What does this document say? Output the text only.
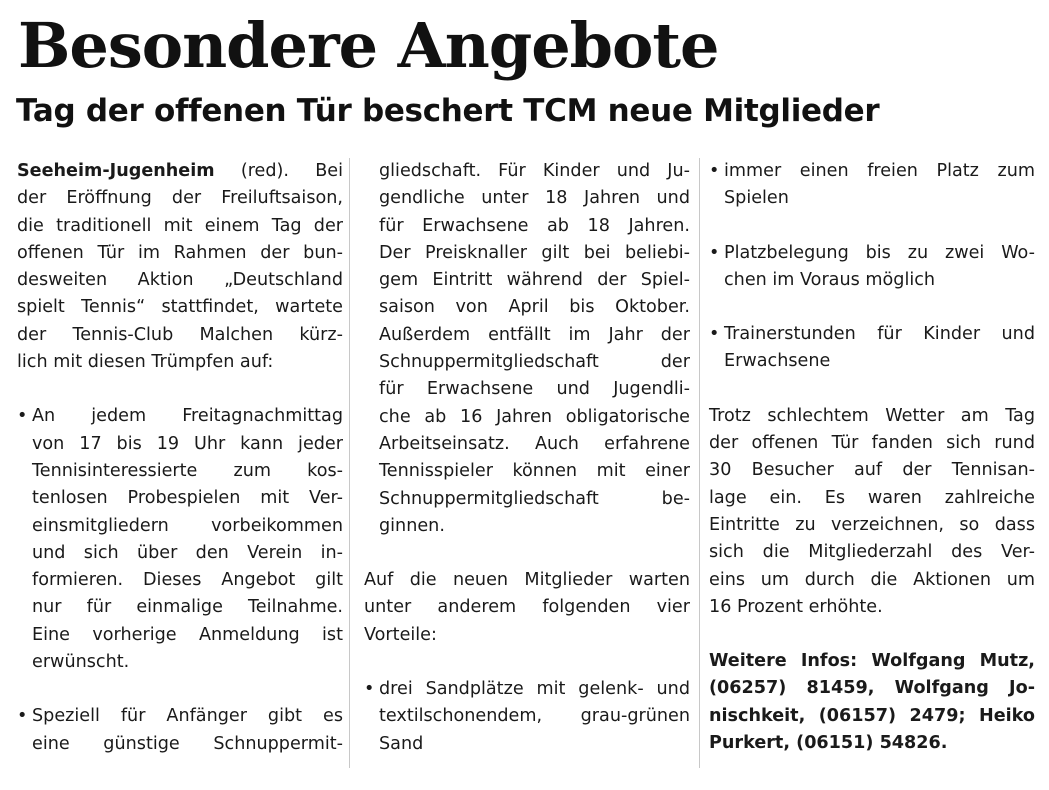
Besondere Angebote
Tag der offenen Tür beschert TCM neue Mitglieder

Seeheim-Jugenheim (red). Bei

der Eröffnung der Freiluftsaison,

die traditionell mit einem Tag der

offenen Tür im Rahmen der bun-

desweiten Aktion „Deutschland

spielt Tennis“ stattfindet, wartete

der Tennis-Club Malchen kürz-

lich mit diesen Trümpfen auf:

• An jedem Freitagnachmittag

von 17 bis 19 Uhr kann jeder

Tennisinteressierte zum kos-

tenlosen Probespielen mit Ver-

einsmitgliedern vorbeikommen

und sich über den Verein in-

formieren. Dieses Angebot gilt

nur für einmalige Teilnahme.

Eine vorherige Anmeldung ist

erwünscht.

• Speziell für Anfänger gibt es

eine günstige Schnuppermit-

gliedschaft. Für Kinder und Ju-

gendliche unter 18 Jahren und

für Erwachsene ab 18 Jahren.

Der Preisknaller gilt bei beliebi-

gem Eintritt während der Spiel-

saison von April bis Oktober.

Außerdem entfällt im Jahr der

Schnuppermitgliedschaft der

für Erwachsene und Jugendli-

che ab 16 Jahren obligatorische

Arbeitseinsatz. Auch erfahrene

Tennisspieler können mit einer

Schnuppermitgliedschaft be-

ginnen.

Auf die neuen Mitglieder warten

unter anderem folgenden vier

Vorteile:

• drei Sandplätze mit gelenk- und

textilschonendem, grau-grünen

Sand

• immer einen freien Platz zum

Spielen

• Platzbelegung bis zu zwei Wo-

chen im Voraus möglich

• Trainerstunden für Kinder und

Erwachsene

Trotz schlechtem Wetter am Tag

der offenen Tür fanden sich rund

30 Besucher auf der Tennisan-

lage ein. Es waren zahlreiche

Eintritte zu verzeichnen, so dass

sich die Mitgliederzahl des Ver-

eins um durch die Aktionen um

16 Prozent erhöhte.

Weitere Infos: Wolfgang Mutz,

(06257) 81459, Wolfgang Jo-

nischkeit, (06157) 2479; Heiko

Purkert, (06151) 54826.
